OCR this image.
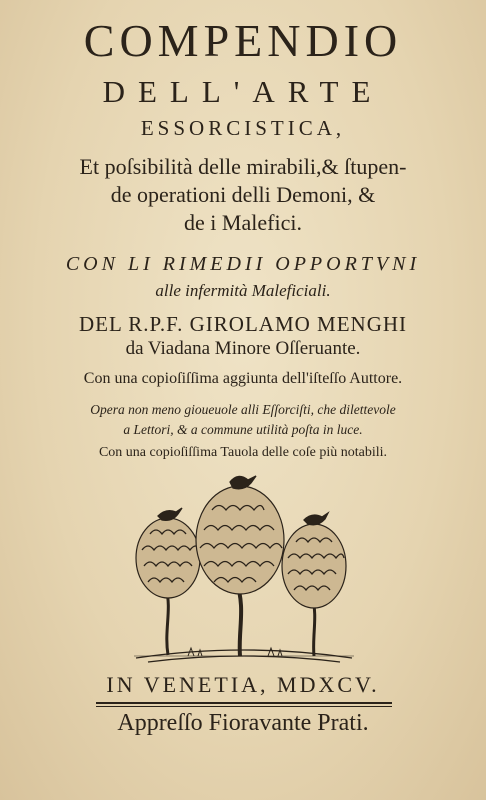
COMPENDIO
DELL'ARTE
ESSORCISTICA,
Et poſsibilità delle mirabili,& ſtupen-
de operationi delli Demoni, &
de i Malefici.
CON LI RIMEDII OPPORTVNI
alle infermità Maleficiali.
DEL R.P.F. GIROLAMO MENGHI
da Viadana Minore Oſſeruante.
Con una copioſiſſima aggiunta dell'iſteſſo Auttore.
Opera non meno gioueuole alli Eſſorciſti, che dilettevole
a Lettori, & a commune utilità poſta in luce.
Con una copioſiſſima Tauola delle coſe più notabili.
IN VENETIA, MDXCV.
Appreſſo Fioravante Prati.
